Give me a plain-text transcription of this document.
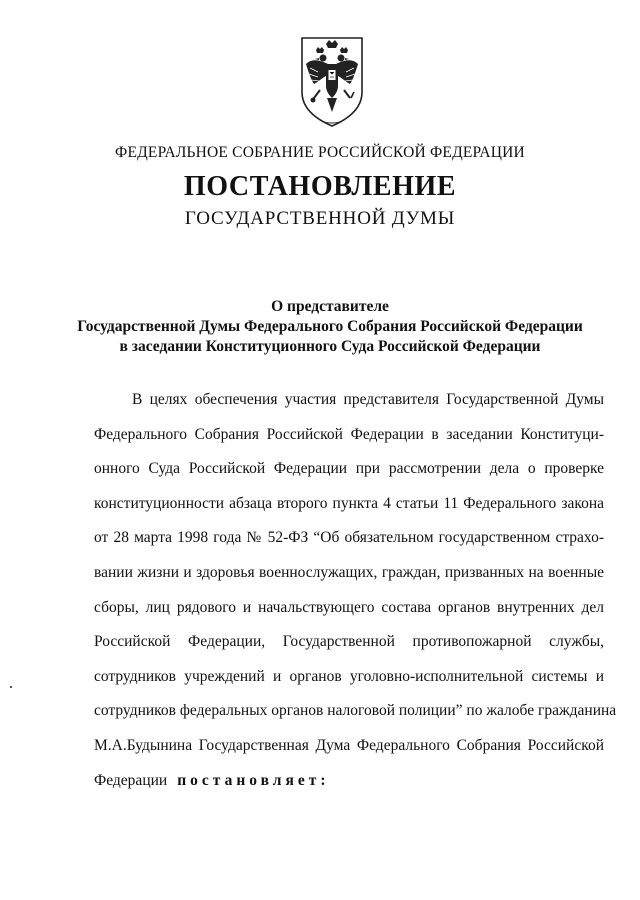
ФЕДЕРАЛЬНОЕ СОБРАНИЕ РОССИЙСКОЙ ФЕДЕРАЦИИ
ПОСТАНОВЛЕНИЕ
ГОСУДАРСТВЕННОЙ ДУМЫ

О представителе
Государственной Думы Федерального Собрания Российской Федерации
в заседании Конституционного Суда Российской Федерации

В целях обеспечения участия представителя Государственной Думы
Федерального Собрания Российской Федерации в заседании Конституци-
онного Суда Российской Федерации при рассмотрении дела о проверке
конституционности абзаца второго пункта 4 статьи 11 Федерального закона
от 28 марта 1998 года № 52-ФЗ “Об обязательном государственном страхо-
вании жизни и здоровья военнослужащих, граждан, призванных на военные
сборы, лиц рядового и начальствующего состава органов внутренних дел
Российской Федерации, Государственной противопожарной службы,
сотрудников учреждений и органов уголовно-исполнительной системы и
сотрудников федеральных органов налоговой полиции” по жалобе гражданина
М.А.Будынина Государственная Дума Федерального Собрания Российской
Федерации постановляет:
